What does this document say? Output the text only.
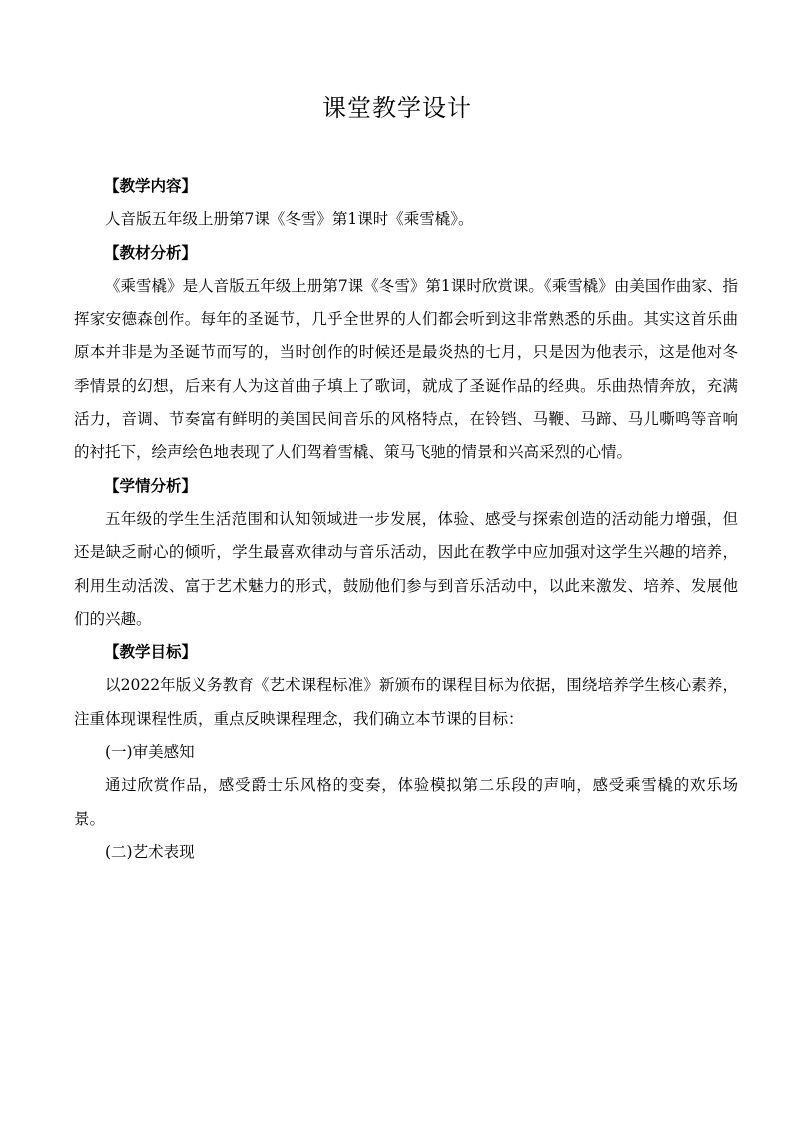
课堂教学设计

【教学内容】

人音版五年级上册第7课《冬雪》第1课时《乘雪橇》。

【教材分析】

《乘雪橇》是人音版五年级上册第7课《冬雪》第1课时欣赏课。《乘雪橇》由美国作曲家、指挥家安德森创作。每年的圣诞节，几乎全世界的人们都会听到这非常熟悉的乐曲。其实这首乐曲原本并非是为圣诞节而写的，当时创作的时候还是最炎热的七月，只是因为他表示，这是他对冬季情景的幻想，后来有人为这首曲子填上了歌词，就成了圣诞作品的经典。乐曲热情奔放，充满活力，音调、节奏富有鲜明的美国民间音乐的风格特点，在铃铛、马鞭、马蹄、马儿嘶鸣等音响的衬托下，绘声绘色地表现了人们驾着雪橇、策马飞驰的情景和兴高采烈的心情。

【学情分析】

五年级的学生生活范围和认知领域进一步发展，体验、感受与探索创造的活动能力增强，但还是缺乏耐心的倾听，学生最喜欢律动与音乐活动，因此在教学中应加强对这学生兴趣的培养，利用生动活泼、富于艺术魅力的形式，鼓励他们参与到音乐活动中，以此来激发、培养、发展他们的兴趣。

【教学目标】

以2022年版义务教育《艺术课程标准》新颁布的课程目标为依据，围绕培养学生核心素养，注重体现课程性质，重点反映课程理念，我们确立本节课的目标：

(一)审美感知

通过欣赏作品，感受爵士乐风格的变奏，体验模拟第二乐段的声响，感受乘雪橇的欢乐场景。

(二)艺术表现
